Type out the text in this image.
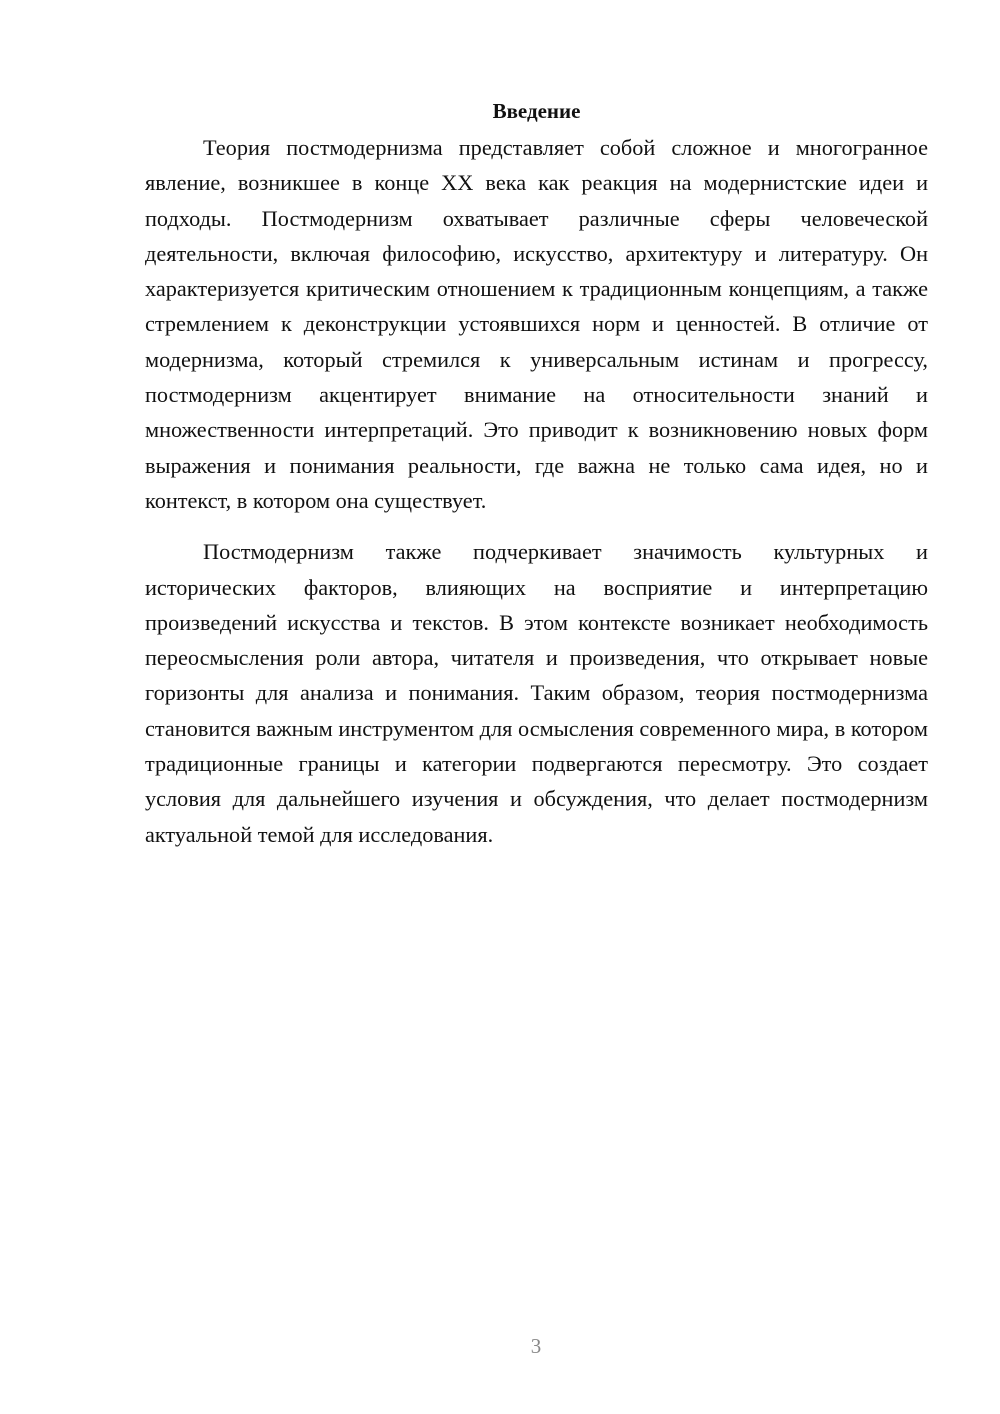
Введение

Теория постмодернизма представляет собой сложное и многогранное явление, возникшее в конце XX века как реакция на модернистские идеи и подходы. Постмодернизм охватывает различные сферы человеческой деятельности, включая философию, искусство, архитектуру и литературу. Он характеризуется критическим отношением к традиционным концепциям, а также стремлением к деконструкции устоявшихся норм и ценностей. В отличие от модернизма, который стремился к универсальным истинам и прогрессу, постмодернизм акцентирует внимание на относительности знаний и множественности интерпретаций. Это приводит к возникновению новых форм выражения и понимания реальности, где важна не только сама идея, но и контекст, в котором она существует.

Постмодернизм также подчеркивает значимость культурных и исторических факторов, влияющих на восприятие и интерпретацию произведений искусства и текстов. В этом контексте возникает необходимость переосмысления роли автора, читателя и произведения, что открывает новые горизонты для анализа и понимания. Таким образом, теория постмодернизма становится важным инструментом для осмысления современного мира, в котором традиционные границы и категории подвергаются пересмотру. Это создает условия для дальнейшего изучения и обсуждения, что делает постмодернизм актуальной темой для исследования.

3
